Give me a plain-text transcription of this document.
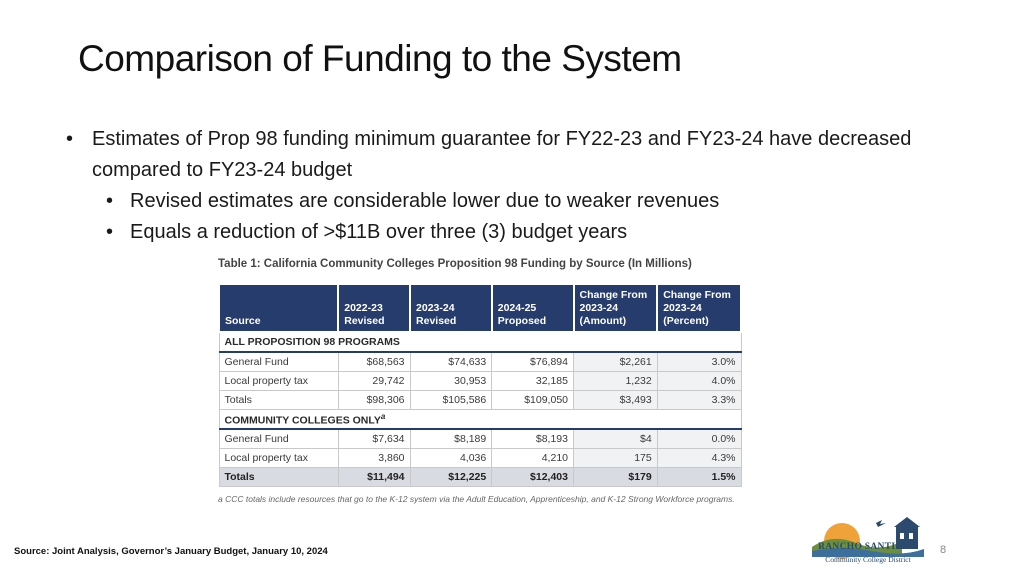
Comparison of Funding to the System
• Estimates of Prop 98 funding minimum guarantee for FY22-23 and FY23-24 have decreased compared to FY23-24 budget
• Revised estimates are considerable lower due to weaker revenues
• Equals a reduction of >$11B over three (3) budget years
Table 1: California Community Colleges Proposition 98 Funding by Source (In Millions)
Source	2022-23 Revised	2023-24 Revised	2024-25 Proposed	Change From 2023-24 (Amount)	Change From 2023-24 (Percent)
ALL PROPOSITION 98 PROGRAMS					
General Fund	$68,563	$74,633	$76,894	$2,261	3.0%
Local property tax	29,742	30,953	32,185	1,232	4.0%
Totals	$98,306	$105,586	$109,050	$3,493	3.3%
COMMUNITY COLLEGES ONLY$^a$
General Fund	$7,634	$8,189	$8,193	$4	0.0%
Local property tax	3,860	4,036	4,210	175	4.3%
Totals	$11,494	$12,225	$12,403	$179	1.5%
a CCC totals include resources that go to the K-12 system via the Adult Education, Apprenticeship, and K-12 Strong Workforce programs.
Source: Joint Analysis, Governor’s January Budget, January 10, 2024	8
RANCHO SANTIAGO
Community College District
